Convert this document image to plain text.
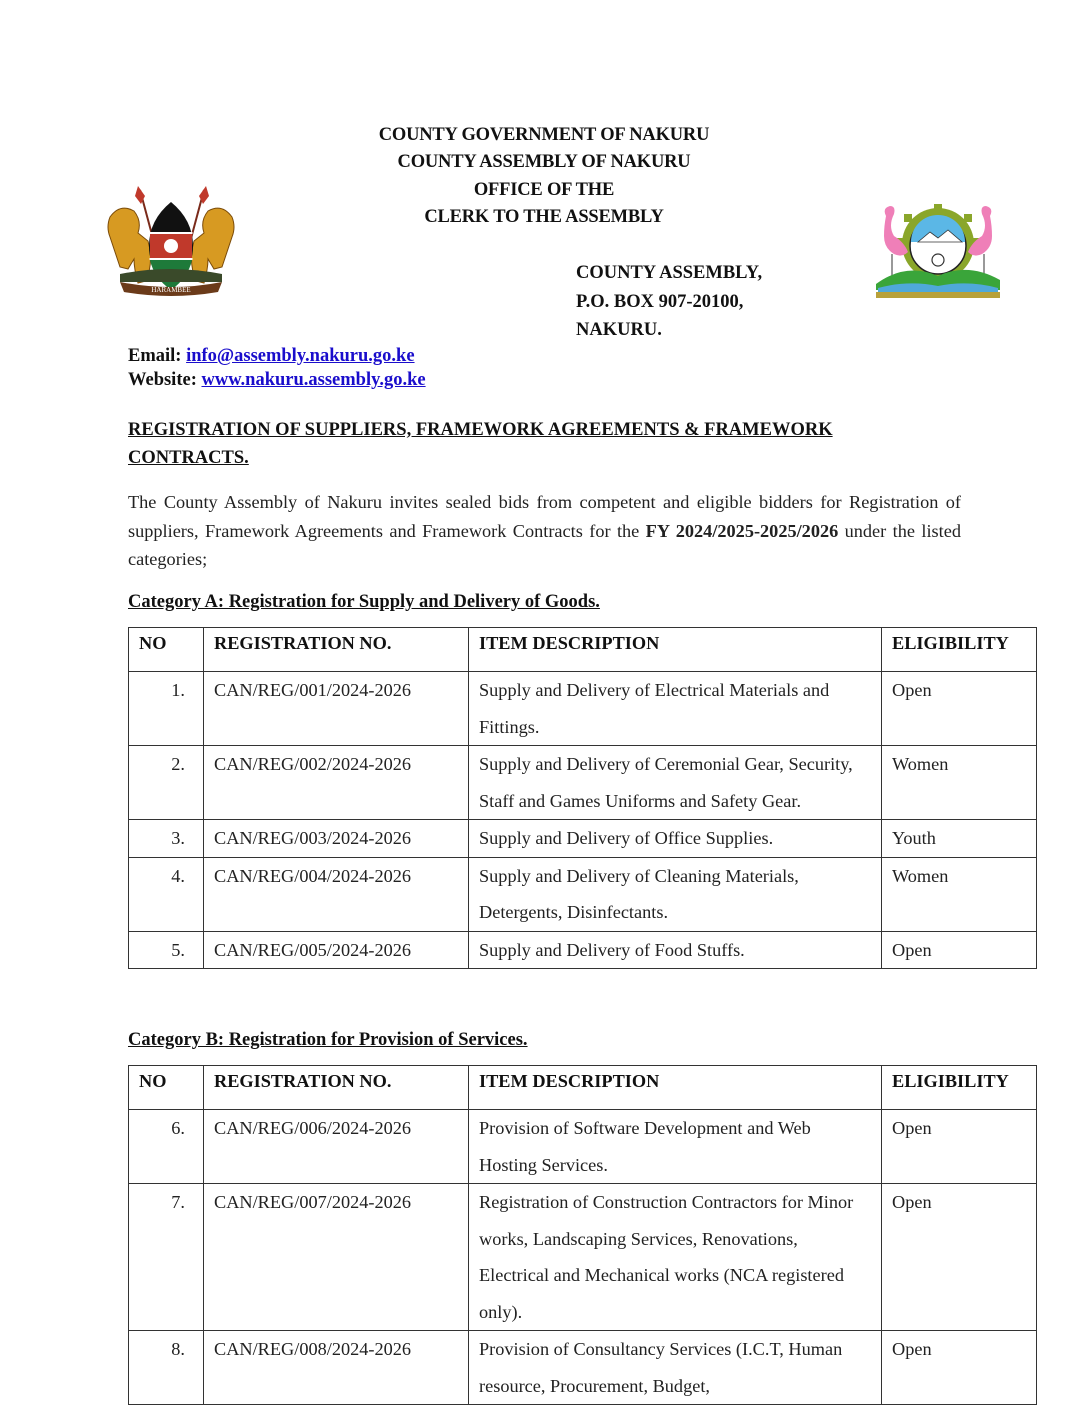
HARAMBEE
COUNTY GOVERNMENT OF NAKURU
COUNTY ASSEMBLY OF NAKURU
OFFICE OF THE
CLERK TO THE ASSEMBLY
COUNTY ASSEMBLY,
P.O. BOX 907-20100,
NAKURU.
Email: info@assembly.nakuru.go.ke
Website: www.nakuru.assembly.go.ke
REGISTRATION OF SUPPLIERS, FRAMEWORK AGREEMENTS & FRAMEWORK CONTRACTS.
The County Assembly of Nakuru invites sealed bids from competent and eligible bidders for Registration of suppliers, Framework Agreements and Framework Contracts for the FY 2024/2025-2025/2026 under the listed categories;
Category A: Registration for Supply and Delivery of Goods.
NO	REGISTRATION NO.	ITEM DESCRIPTION	ELIGIBILITY
1.	CAN/REG/001/2024-2026	Supply and Delivery of Electrical Materials and Fittings.	Open
2.	CAN/REG/002/2024-2026	Supply and Delivery of Ceremonial Gear, Security, Staff and Games Uniforms and Safety Gear.	Women
3.	CAN/REG/003/2024-2026	Supply and Delivery of Office Supplies.	Youth
4.	CAN/REG/004/2024-2026	Supply and Delivery of Cleaning Materials, Detergents, Disinfectants.	Women
5.	CAN/REG/005/2024-2026	Supply and Delivery of Food Stuffs.	Open
Category B: Registration for Provision of Services.
NO	REGISTRATION NO.	ITEM DESCRIPTION	ELIGIBILITY
6.	CAN/REG/006/2024-2026	Provision of Software Development and Web Hosting Services.	Open
7.	CAN/REG/007/2024-2026	Registration of Construction Contractors for Minor works, Landscaping Services, Renovations, Electrical and Mechanical works (NCA registered only).	Open
8.	CAN/REG/008/2024-2026	Provision of Consultancy Services (I.C.T, Human resource, Procurement, Budget,	Open
